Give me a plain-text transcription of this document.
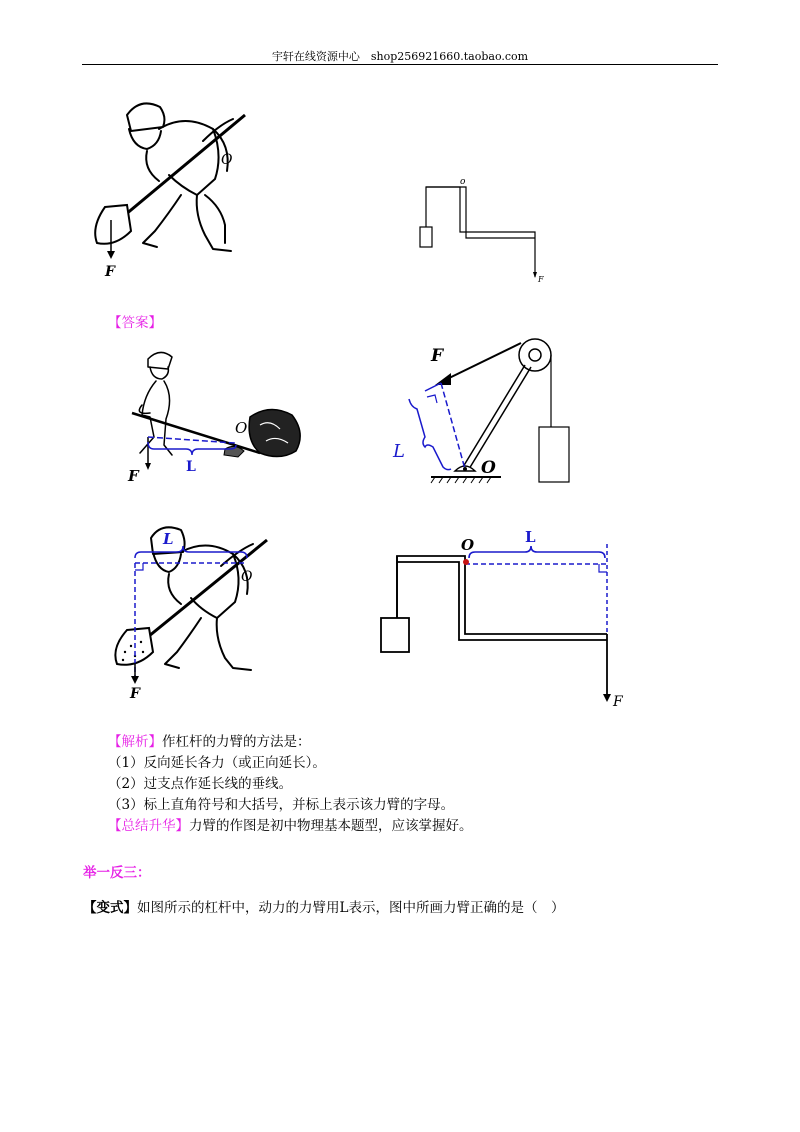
宇轩在线资源中心　shop256921660.taobao.com
F
O
o
F
【答案】
O
F	L
F
O
L
L
O
F
O	L
F
【解析】作杠杆的力臂的方法是：
（1）反向延长各力（或正向延长）。
（2）过支点作延长线的垂线。
（3）标上直角符号和大括号，并标上表示该力臂的字母。
【总结升华】力臂的作图是初中物理基本题型，应该掌握好。
举一反三：
【变式】如图所示的杠杆中，动力的力臂用L表示，图中所画力臂正确的是（　）
